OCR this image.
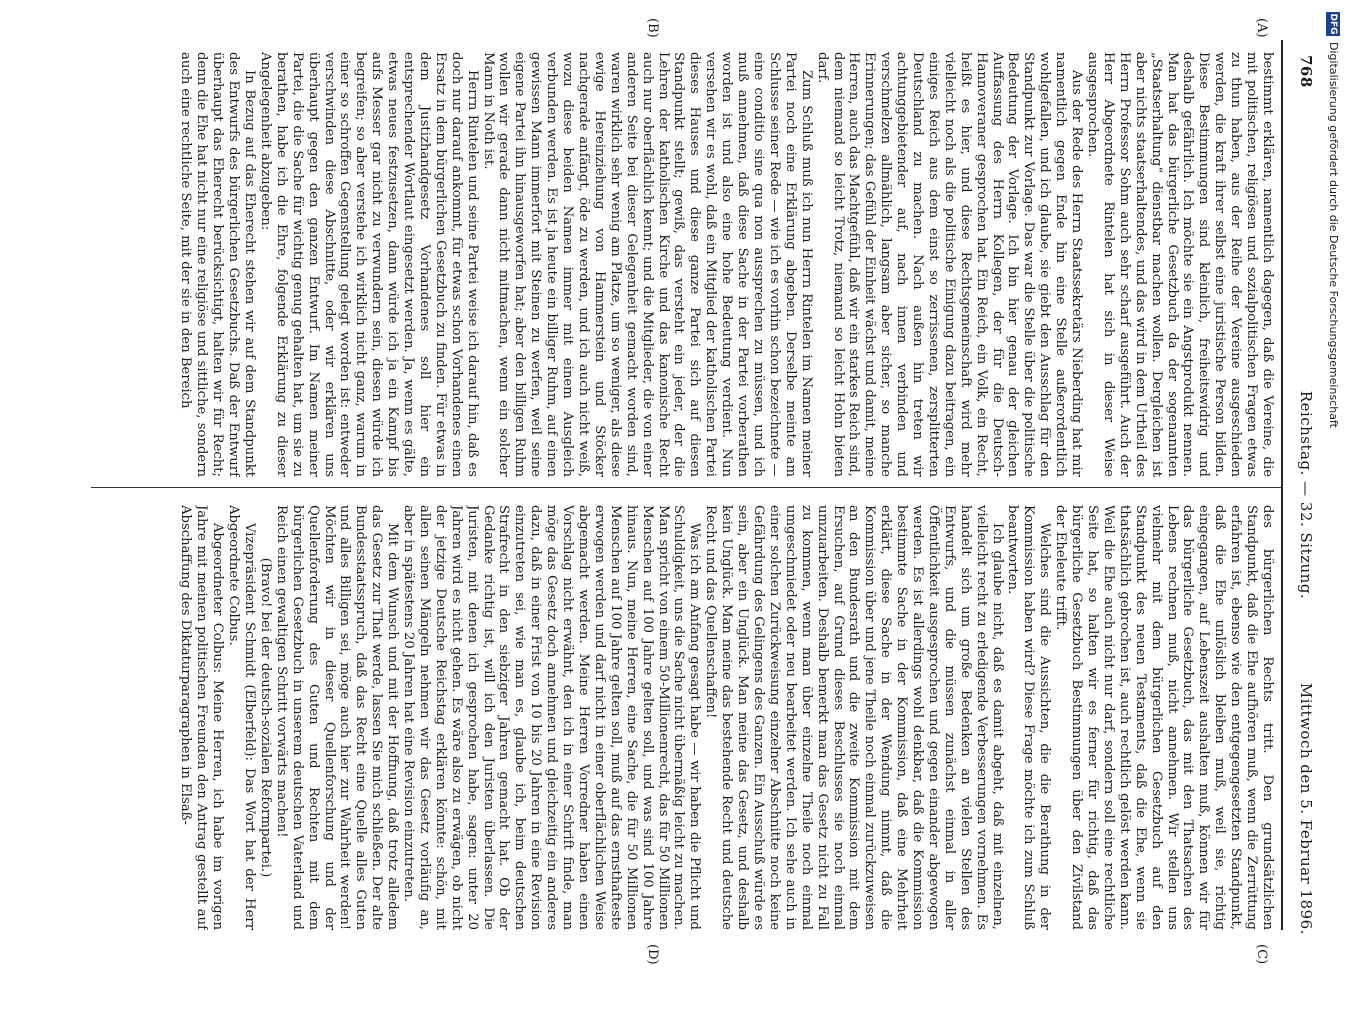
768
Reichstag. — 32. Sitzung.
Mittwoch den 5. Februar 1896.
(A)
(B)
(C)
(D)

bestimmt erklären, namentlich dagegen, daß die Vereine, die mit politischen, religiösen und sozialpolitischen Fragen etwas zu thun haben, aus der Reihe der Vereine ausgeschieden werden, die kraft ihrer selbst eine juristische Person bilden. Diese Bestimmungen sind kleinlich, freiheitswidrig und deshalb gefährlich. Ich möchte sie ein Angstprodukt nennen. Man hat das bürgerliche Gesetzbuch da der sogenannten „Staatserhaltung“ dienstbar machen wollen. Dergleichen ist aber nichts staatserhaltendes, und das wird in dem Urtheil des Herrn Professor Sohm auch sehr scharf ausgeführt. Auch der Herr Abgeordnete Rintelen hat sich in dieser Weise ausgesprochen.

Aus der Rede des Herrn Staatssekretärs Nieberding hat mir namentlich gegen Ende hin eine Stelle außerordentlich wohlgefallen, und ich glaube, sie giebt den Ausschlag für den Standpunkt zur Vorlage. Das war die Stelle über die politische Bedeutung der Vorlage. Ich bin hier genau der gleichen Auffassung des Herrn Kollegen, der für die Deutsch-Hannoveraner gesprochen hat. Ein Reich, ein Volk, ein Recht, heißt es hier, und diese Rechtsgemeinschaft wird mehr vielleicht noch als die politische Einigung dazu beitragen, ein einiges Reich aus dem einst so zerrissenen, zersplitterten Deutschland zu machen. Nach außen hin treten wir achtunggebietender auf, nach innen verbinden und verschmelzen allmählich, langsam aber sicher, so manche Erinnerungen; das Gefühl der Einheit wächst und damit, meine Herren, auch das Machtgefühl, daß wir ein starkes Reich sind, dem niemand so leicht Trotz, niemand so leicht Hohn bieten darf.

Zum Schluß muß ich nun Herrn Rintelen im Namen meiner Partei noch eine Erklärung abgeben. Derselbe meinte am Schlusse seiner Rede — wie ich es vorhin schon bezeichnete — eine conditio sine qua non aussprechen zu müssen, und ich muß annehmen, daß diese Sache in der Partei vorberathen worden ist und also eine hohe Bedeutung verdient. Nun versehen wir es wohl, daß ein Mitglied der katholischen Partei dieses Hauses und diese ganze Partei sich auf diesen Standpunkt stellt; gewiß, das versteht ein jeder, der die Lehren der katholischen Kirche und das kanonische Recht auch nur oberflächlich kennt; und die Mitglieder, die von einer anderen Seite bei dieser Gelegenheit gemacht worden sind, waren wirklich sehr wenig am Platze, um so weniger, als diese ewige Hereinziehung von Hammerstein und Stöcker nachgerade anfängt, öde zu werden, und ich auch nicht weiß, wozu diese beiden Namen immer mit einem Ausgleich verbunden werden. Es ist ja heute ein billiger Ruhm, auf einen gewissen Mann immerfort mit Steinen zu werfen, weil seine eigene Partei ihn hinausgeworfen hat; aber den billigen Ruhm wollen wir gerade dann nicht mitmachen, wenn ein solcher Mann in Noth ist.

Herrn Rintelen und seine Partei weise ich darauf hin, daß es doch nur darauf ankommt, für etwas schon Vorhandenes einen Ersatz in dem bürgerlichen Gesetzbuch zu finden. Für etwas in dem Justizhandgesetz Vorhandenes soll hier ein entsprechender Wortlaut eingesetzt werden. Ja, wenn es gälte, etwas neues festzusetzen, dann würde ich ja ein Kampf bis aufs Messer gar nicht zu verwundern sein, diesen würde ich begreifen; so aber verstehe ich wirklich nicht ganz, warum in einer so schroffen Gegenstellung gelegt worden ist: entweder verschwinden diese Abschnitte, oder wir erklären uns überhaupt gegen den ganzen Entwurf. Im Namen meiner Partei, die die Sache für wichtig genug gehalten hat, um sie zu berathen, habe ich die Ehre, folgende Erklärung zu dieser Angelegenheit abzugeben:

In Bezug auf das Eherecht stehen wir auf dem Standpunkt des Entwurfs des bürgerlichen Gesetzbuchs. Daß der Entwurf überhaupt das Eherecht berücksichtigt, halten wir für Recht; denn die Ehe hat nicht nur eine religiöse und sittliche, sondern auch eine rechtliche Seite, mit der sie in den Bereich

des bürgerlichen Rechts tritt. Den grundsätzlichen Standpunkt, daß die Ehe aufhören muß, wenn die Zerrüttung erfahren ist, ebenso wie den entgegengesetzten Standpunkt, daß die Ehe unlöslich bleiben muß, weil sie, richtig eingegangen, auf Lebenszeit aushalten muß, können wir für das bürgerliche Gesetzbuch, das mit den Thatsachen des Lebens rechnen muß, nicht annehmen. Wir stellen uns vielmehr mit dem bürgerlichen Gesetzbuch auf den Standpunkt des neuen Testaments, daß die Ehe, wenn sie thatsächlich gebrochen ist, auch rechtlich gelöst werden kann. Weil die Ehe auch nicht nur darf, sondern soll eine rechtliche Seite hat, so halten wir es ferner für richtig, daß das bürgerliche Gesetzbuch Bestimmungen über den Zivilstand der Eheleute trifft.

Welches sind die Aussichten, die die Berathung in der Kommission haben wird? Diese Frage möchte ich zum Schluß beantworten.

Ich glaube nicht, daß es damit abgeht, daß mit einzelnen, vielleicht recht zu erledigende Verbesserungen vornehmen. Es handelt sich um große Bedenken an vielen Stellen des Entwurfs, und die müssen zunächst einmal in aller Öffentlichkeit ausgesprochen und gegen einander abgewogen werden. Es ist allerdings wohl denkbar, daß die Kommission bestimmte Sache in der Kommission, daß eine Mehrheit erklärt, diese Sache in der Wendung nimmt, daß die Kommission über und jene Theile noch einmal zurückzuweisen an den Bundesrath und die zweite Kommission mit dem Ersuchen, auf Grund dieses Beschlusses sie noch einmal umzuarbeiten. Deshalb bemerkt man das Gesetz nicht zu Fall zu kommen, wenn man über einzelne Theile noch einmal umgeschmiedet oder neu bearbeitet werden. Ich sehe auch in einer solchen Zurückweisung einzelner Abschnitte noch keine Gefährdung des Gelingens des Ganzen. Ein Ausschuß würde es sein, aber ein Unglück. Man meine das Gesetz, und deshalb kein Unglück. Man meine das bestehende Recht und deutsche Recht und das Quellenschaffen!

Was ich am Anfang gesagt habe — wir haben die Pflicht und Schuldigkeit, uns die Sache nicht übermäßig leicht zu machen. Man spricht von einem 50-Millionenrecht, das für 50 Millionen Menschen auf 100 Jahre gelten soll, und was sind 100 Jahre hinaus. Nun, meine Herren, eine Sache, die für 50 Millionen Menschen auf 100 Jahre gelten soll, muß auf das ernsthafteste erwogen werden und darf nicht in einer oberflächlichen Weise abgemacht werden. Meine Herren Vorredner haben einen Vorschlag nicht erwähnt, den ich in einer Schrift finde, man möge das Gesetz doch annehmen und gleichzeitig ein anderes dazu, daß in einer Frist von 10 bis 20 Jahren in eine Revision einzutreten sei, wie man es, glaube ich, beim deutschen Strafrecht in den siebziger Jahren gemacht hat. Ob der Gedanke richtig ist, will ich den Juristen überlassen. Die Juristen, mit denen ich gesprochen habe, sagen: unter 20 Jahren wird es nicht gehen. Es wäre also zu erwägen, ob nicht der jetzige Deutsche Reichstag erklären könnte: schön, mit allen seinen Mängeln nehmen wir das Gesetz vorläufig an, aber in spätestens 20 Jahren hat eine Revision einzutreten.

Mit dem Wunsch und mit der Hoffnung, daß trotz alledem das Gesetz zur That werde, lassen Sie mich schließen. Der alte Bundesstaatsspruch, daß das Recht eine Quelle alles Guten und alles Billigen sei, möge auch hier zur Wahrheit werden! Möchten wir in dieser Quellenforschung und der Quellenforderung des Guten und Rechten mit dem bürgerlichen Gesetzbuch in unserem deutschen Vaterland und Reich einen gewaltigen Schritt vorwärts machen!

(Bravo! bei der deutsch-sozialen Reformpartei.)

Vizepräsident Schmidt (Elberfeld): Das Wort hat der Herr Abgeordnete Colbus.

Abgeordneter Colbus: Meine Herren, ich habe im vorigen Jahre mit meinen politischen Freunden den Antrag gestellt auf Abschaffung des Diktaturparagraphen in Elsaß-

DFG
Digitalisierung gefördert durch die Deutsche Forschungsgemeinschaft
